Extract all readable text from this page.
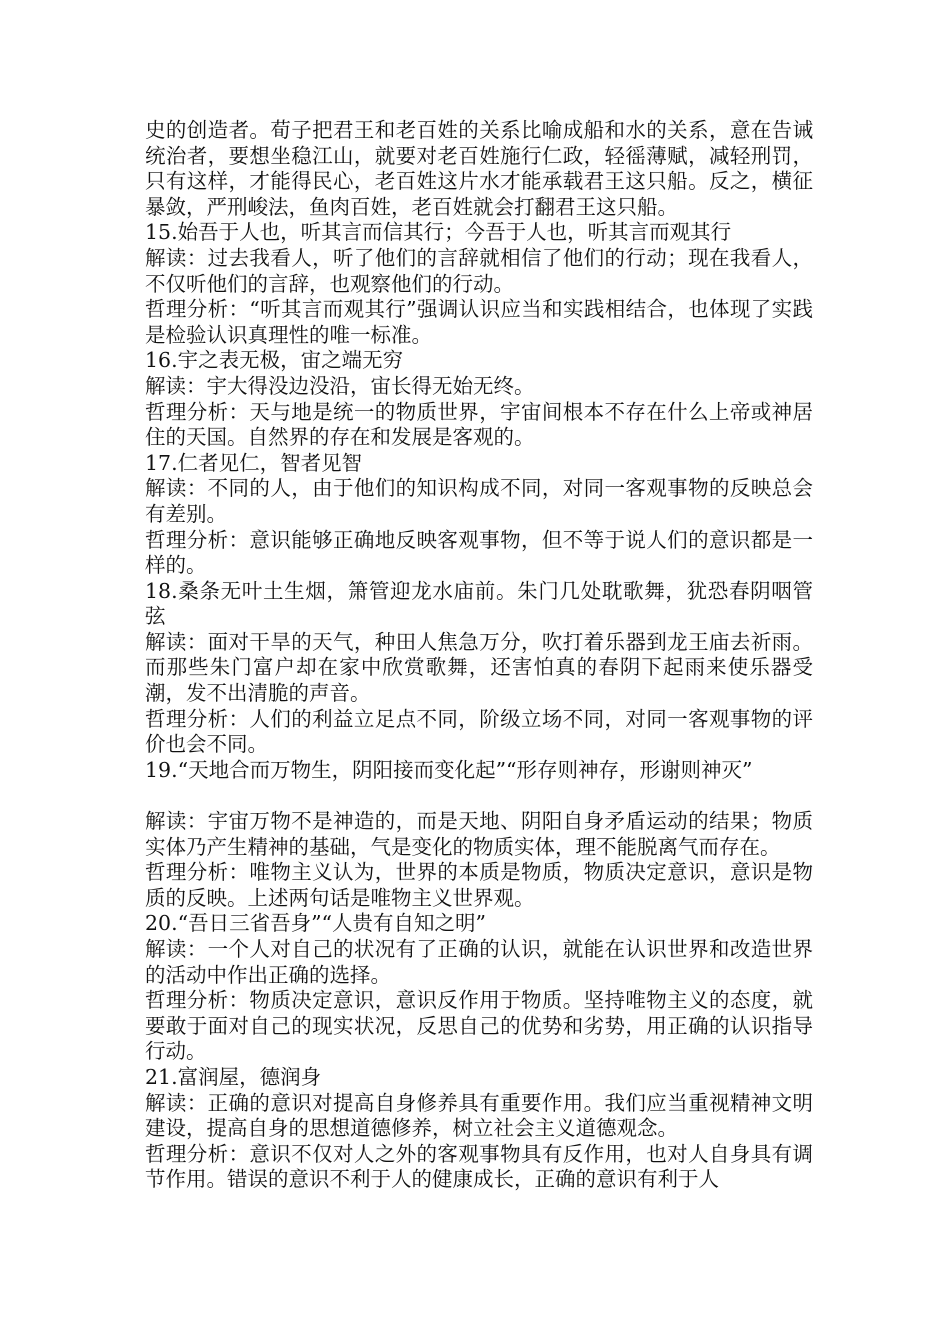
史的创造者。荀子把君王和老百姓的关系比喻成船和水的关系，意在告诫统治者，要想坐稳江山，就要对老百姓施行仁政，轻徭薄赋，减轻刑罚，只有这样，才能得民心，老百姓这片水才能承载君王这只船。反之，横征暴敛，严刑峻法，鱼肉百姓，老百姓就会打翻君王这只船。

15.始吾于人也，听其言而信其行；今吾于人也，听其言而观其行

解读：过去我看人，听了他们的言辞就相信了他们的行动；现在我看人，不仅听他们的言辞，也观察他们的行动。

哲理分析：“听其言而观其行”强调认识应当和实践相结合，也体现了实践是检验认识真理性的唯一标准。

16.宇之表无极，宙之端无穷

解读：宇大得没边没沿，宙长得无始无终。

哲理分析：天与地是统一的物质世界，宇宙间根本不存在什么上帝或神居住的天国。自然界的存在和发展是客观的。

17.仁者见仁，智者见智

解读：不同的人，由于他们的知识构成不同，对同一客观事物的反映总会有差别。

哲理分析：意识能够正确地反映客观事物，但不等于说人们的意识都是一样的。

18.桑条无叶土生烟，箫管迎龙水庙前。朱门几处耽歌舞，犹恐春阴咽管弦

解读：面对干旱的天气，种田人焦急万分，吹打着乐器到龙王庙去祈雨。而那些朱门富户却在家中欣赏歌舞，还害怕真的春阴下起雨来使乐器受潮，发不出清脆的声音。

哲理分析：人们的利益立足点不同，阶级立场不同，对同一客观事物的评价也会不同。

19.“天地合而万物生，阴阳接而变化起”“形存则神存，形谢则神灭”

解读：宇宙万物不是神造的，而是天地、阴阳自身矛盾运动的结果；物质实体乃产生精神的基础，气是变化的物质实体，理不能脱离气而存在。

哲理分析：唯物主义认为，世界的本质是物质，物质决定意识，意识是物质的反映。上述两句话是唯物主义世界观。

20.“吾日三省吾身”“人贵有自知之明”

解读：一个人对自己的状况有了正确的认识，就能在认识世界和改造世界的活动中作出正确的选择。

哲理分析：物质决定意识，意识反作用于物质。坚持唯物主义的态度，就要敢于面对自己的现实状况，反思自己的优势和劣势，用正确的认识指导行动。

21.富润屋，德润身

解读：正确的意识对提高自身修养具有重要作用。我们应当重视精神文明建设，提高自身的思想道德修养，树立社会主义道德观念。

哲理分析：意识不仅对人之外的客观事物具有反作用，也对人自身具有调节作用。错误的意识不利于人的健康成长，正确的意识有利于人
